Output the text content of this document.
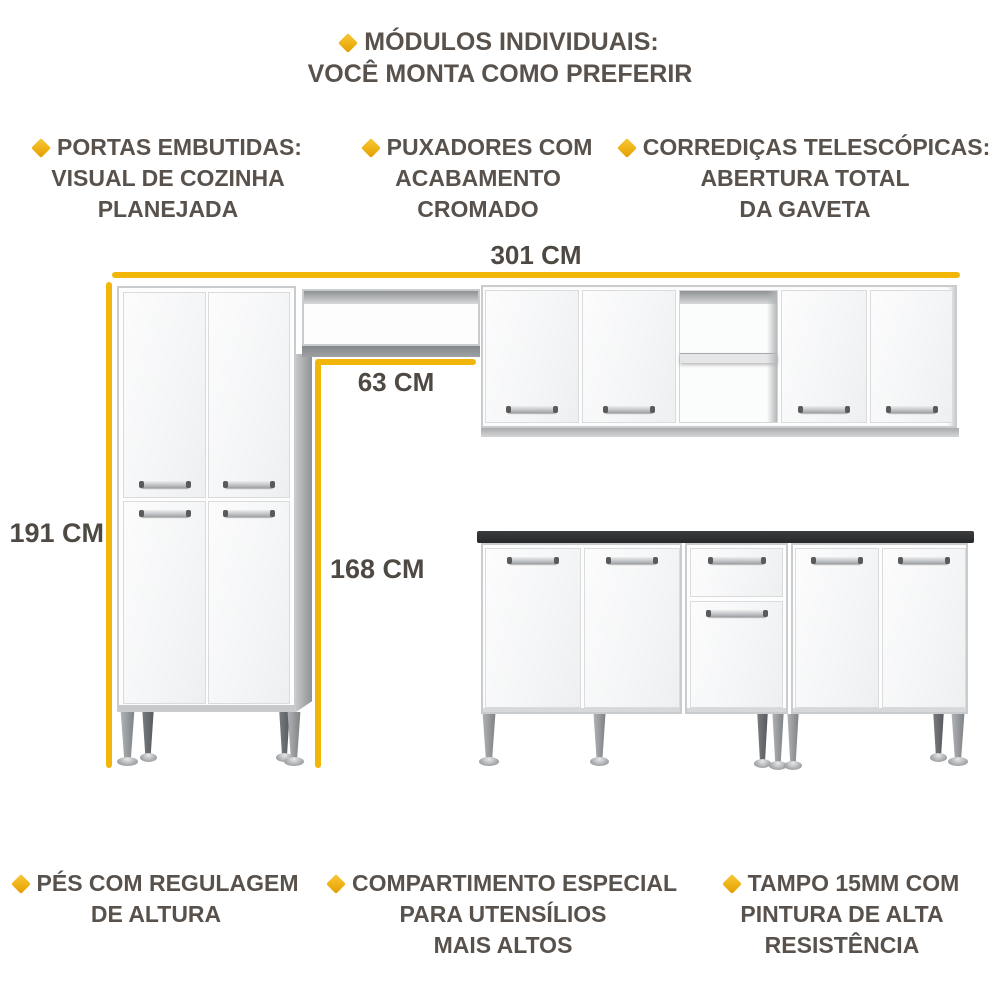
MÓDULOS INDIVIDUAIS:
VOCÊ MONTA COMO PREFERIR
PORTAS EMBUTIDAS:
VISUAL DE COZINHA
PLANEJADA
PUXADORES COM
ACABAMENTO
CROMADO
CORREDIÇAS TELESCÓPICAS:
ABERTURA TOTAL
DA GAVETA
301 CM
191 CM
63 CM
168 CM
PÉS COM REGULAGEM
DE ALTURA
COMPARTIMENTO ESPECIAL
PARA UTENSÍLIOS
MAIS ALTOS
TAMPO 15MM COM
PINTURA DE ALTA
RESISTÊNCIA
